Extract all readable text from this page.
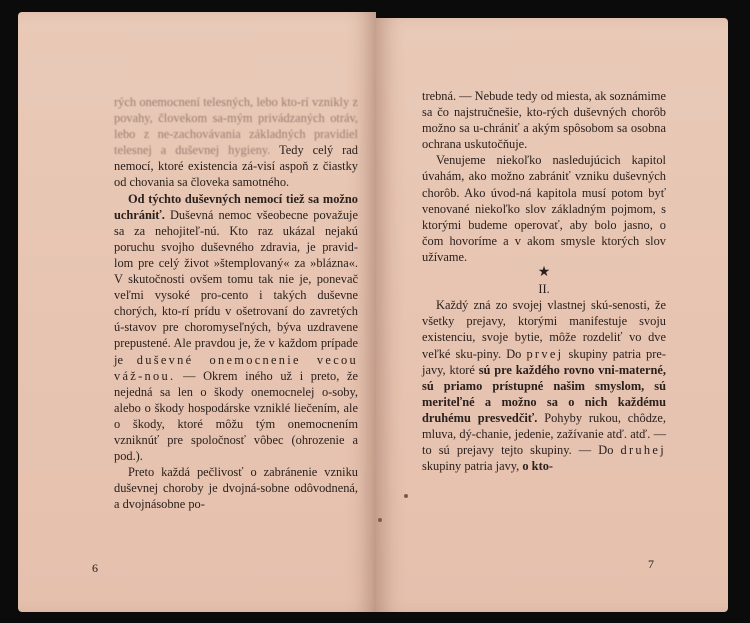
rých onemocnení telesných, lebo kto-rí vznikly z povahy, človekom sa-mým privádzaných otráv, lebo z ne-zachovávania základných pravidiel telesnej a duševnej hygieny. Tedy celý rad nemocí, ktoré existencia zá-visí aspoň z čiastky od chovania sa človeka samotného.

Od týchto duševných nemocí tiež sa možno uchrániť. Duševná nemoc všeobecne považuje sa za nehojiteľ-nú. Kto raz ukázal nejakú poruchu svojho duševného zdravia, je pravid-lom pre celý život »štemplovaný« za »blázna«. V skutočnosti ovšem tomu tak nie je, ponevač veľmi vysoké pro-cento i takých duševne chorých, kto-rí prídu v ošetrovaní do zavretých ú-stavov pre choromyseľných, býva uzdravene prepustené. Ale pravdou je, že v každom prípade je duševné onemocnenie vecou váž-nou. — Okrem iného už i preto, že nejedná sa len o škody onemocnelej o-soby, alebo o škody hospodárske vzniklé liečením, ale o škody, ktoré môžu tým onemocnením vzniknúť pre spoločnosť vôbec (ohrozenie a pod.).

Preto každá pečlivosť o zabránenie vzniku duševnej choroby je dvojná-sobne odôvodnená, a dvojnásobne po-

6

trebná. — Nebude tedy od miesta, ak soznámime sa čo najstručnešie, kto-rých duševných chorôb možno sa u-chrániť a akým spôsobom sa osobna ochrana uskutočňuje.

Venujeme niekoľko nasledujúcich kapitol úvahám, ako možno zabrániť vzniku duševných chorôb. Ako úvod-ná kapitola musí potom byť venované niekoľko slov základným pojmom, s ktorými budeme operovať, aby bolo jasno, o čom hovoríme a v akom smysle ktorých slov užívame.

★

II.

Každý zná zo svojej vlastnej skú-senosti, že všetky prejavy, ktorými manifestuje svoju existenciu, svoje bytie, môže rozdeliť vo dve veľké sku-piny. Do prvej skupiny patria pre-javy, ktoré sú pre každého rovno vni-materné, sú priamo prístupné našim smyslom, sú meriteľné a možno sa o nich každému druhému presvedčiť. Pohyby rukou, chôdze, mluva, dý-chanie, jedenie, zažívanie atď. atď. — to sú prejavy tejto skupiny. — Do druhej skupiny patria javy, o kto-

7
